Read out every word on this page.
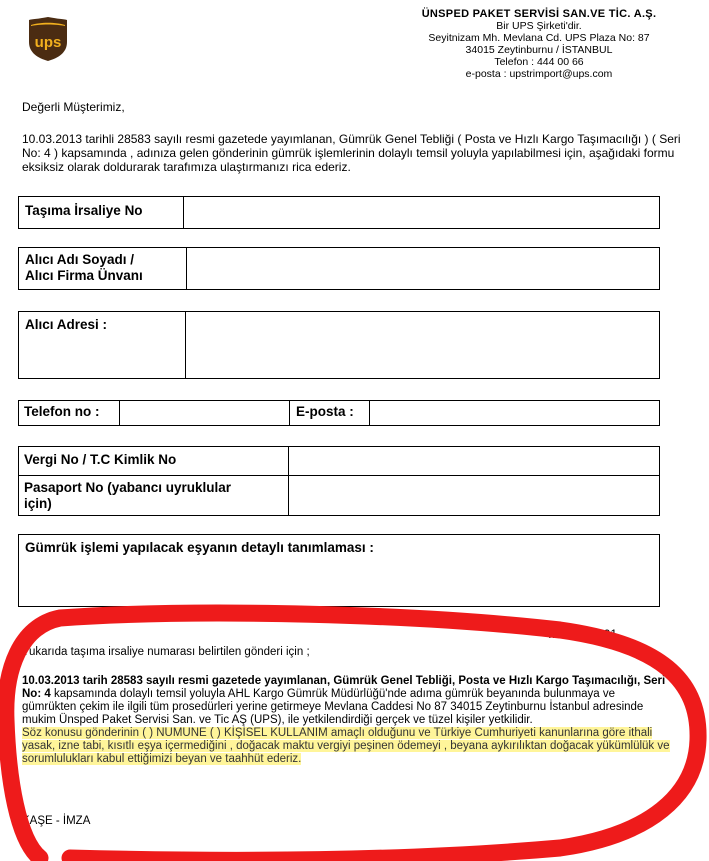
ups
ÜNSPED PAKET SERVİSİ SAN.VE TİC. A.Ş.
Bir UPS Şirketi'dir.
Seyitnizam Mh. Mevlana Cd. UPS Plaza No: 87
34015 Zeytinburnu / İSTANBUL
Telefon : 444 00 66
e-posta : upstrimport@ups.com
Değerli Müşterimiz,
10.03.2013 tarihli 28583 sayılı resmi gazetede yayımlanan, Gümrük Genel Tebliği ( Posta ve Hızlı Kargo Taşımacılığı ) ( Seri No: 4 ) kapsamında , adınıza gelen gönderinin gümrük işlemlerinin dolaylı temsil yoluyla yapılabilmesi için, aşağıdaki formu eksiksiz olarak doldurarak tarafımıza ulaştırmanızı rica ederiz.
Taşıma İrsaliye No
Alıcı Adı Soyadı /
Alıcı Firma Ünvanı
Alıcı Adresi :
Telefon no :	E-posta :
Vergi No / T.C Kimlik No
Pasaport No (yabancı uyruklular
için)
Gümrük işlemi yapılacak eşyanın detaylı tanımlaması :
……/…../201
Yukarıda taşıma irsaliye numarası belirtilen gönderi için ;
10.03.2013 tarih 28583 sayılı resmi gazetede yayımlanan, Gümrük Genel Tebliği, Posta ve Hızlı Kargo Taşımacılığı, Seri No: 4 kapsamında dolaylı temsil yoluyla AHL Kargo Gümrük Müdürlüğü'nde adıma gümrük beyanında bulunmaya ve gümrükten çekim ile ilgili tüm prosedürleri yerine getirmeye Mevlana Caddesi No 87 34015 Zeytinburnu İstanbul adresinde mukim Ünsped Paket Servisi San. ve Tic AŞ (UPS), ile yetkilendirdiği gerçek ve tüzel kişiler yetkilidir.
Söz konusu gönderinin ( ) NUMUNE ( ) KİŞİSEL KULLANIM amaçlı olduğunu ve Türkiye Cumhuriyeti kanunlarına göre ithali yasak, izne tabi, kısıtlı eşya içermediğini , doğacak maktu vergiyi peşinen ödemeyi , beyana aykırılıktan doğacak yükümlülük ve sorumlulukları kabul ettiğimizi beyan ve taahhüt ederiz.
KAŞE - İMZA
